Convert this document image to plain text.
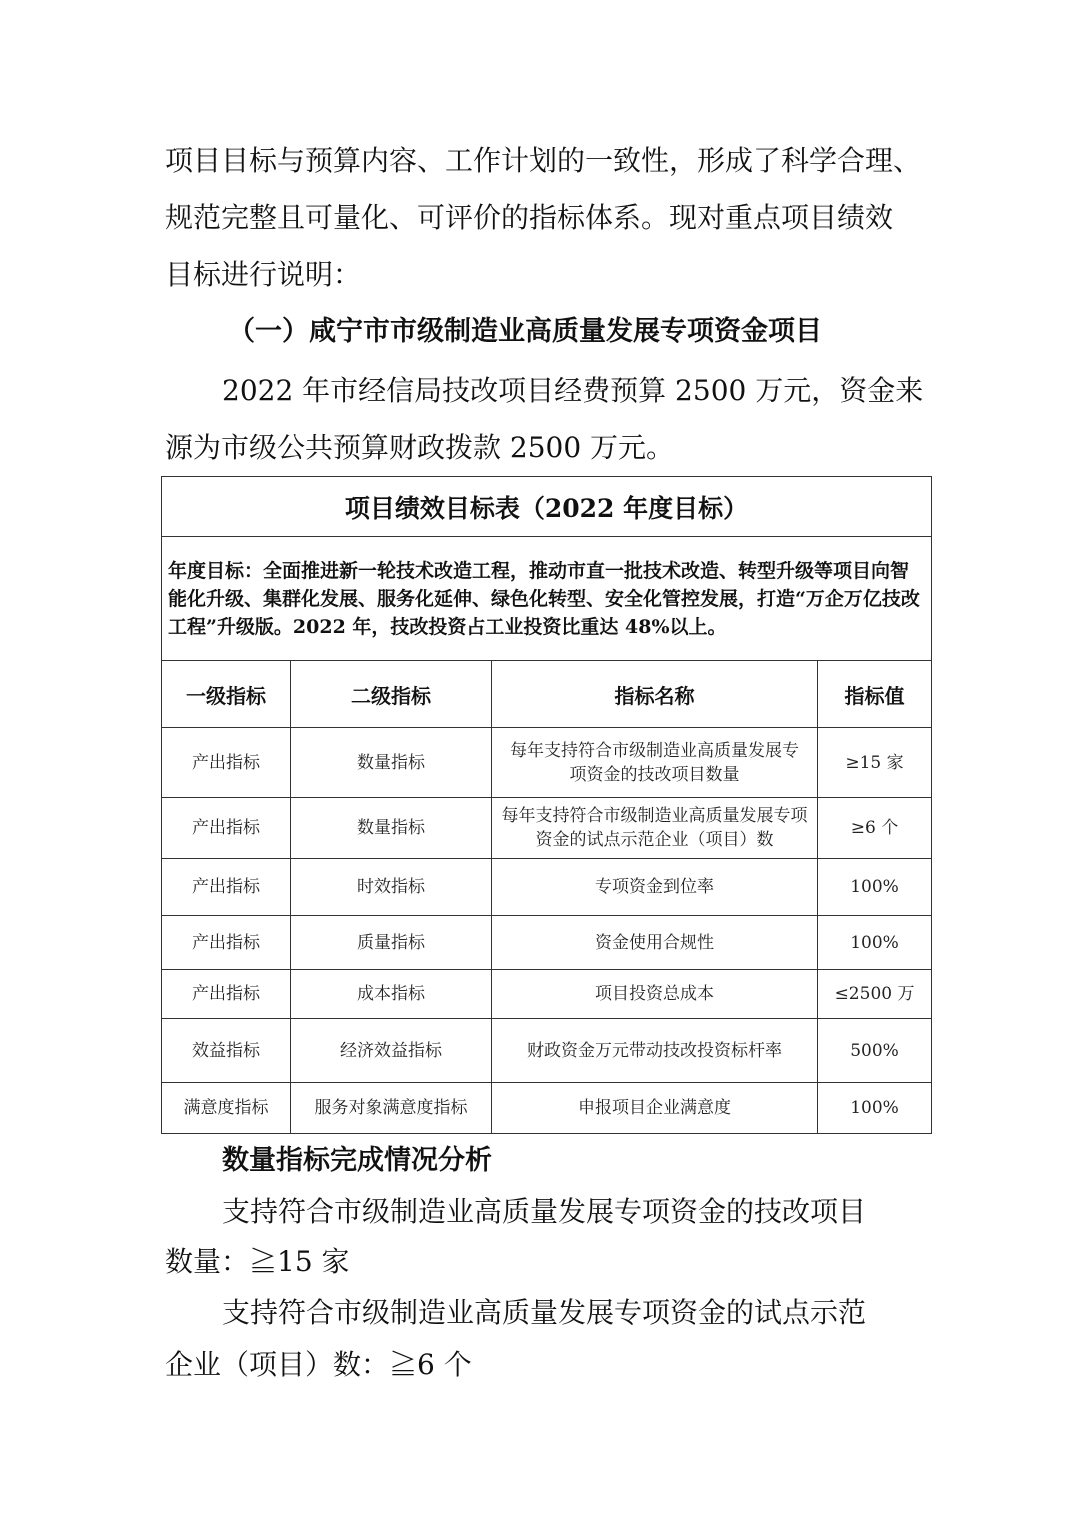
项目目标与预算内容、工作计划的一致性，形成了科学合理、
规范完整且可量化、可评价的指标体系。现对重点项目绩效
目标进行说明：
（一）咸宁市市级制造业高质量发展专项资金项目
2022 年市经信局技改项目经费预算 2500 万元，资金来
源为市级公共预算财政拨款 2500 万元。
项目绩效目标表（2022 年度目标）			
年度目标：全面推进新一轮技术改造工程，推动市直一批技术改造、转型升级等项目向智能化升级、集群化发展、服务化延伸、绿色化转型、安全化管控发展，打造“万企万亿技改工程”升级版。2022 年，技改投资占工业投资比重达 48%以上。			
一级指标	二级指标	指标名称	指标值
产出指标	数量指标	每年支持符合市级制造业高质量发展专项资金的技改项目数量	≥15 家
产出指标	数量指标	每年支持符合市级制造业高质量发展专项资金的试点示范企业（项目）数	≥6 个
产出指标	时效指标	专项资金到位率	100%
产出指标	质量指标	资金使用合规性	100%
产出指标	成本指标	项目投资总成本	≤2500 万
效益指标	经济效益指标	财政资金万元带动技改投资标杆率	500%
满意度指标	服务对象满意度指标	申报项目企业满意度	100%
数量指标完成情况分析
支持符合市级制造业高质量发展专项资金的技改项目
数量：≧15 家
支持符合市级制造业高质量发展专项资金的试点示范
企业（项目）数：≧6 个
